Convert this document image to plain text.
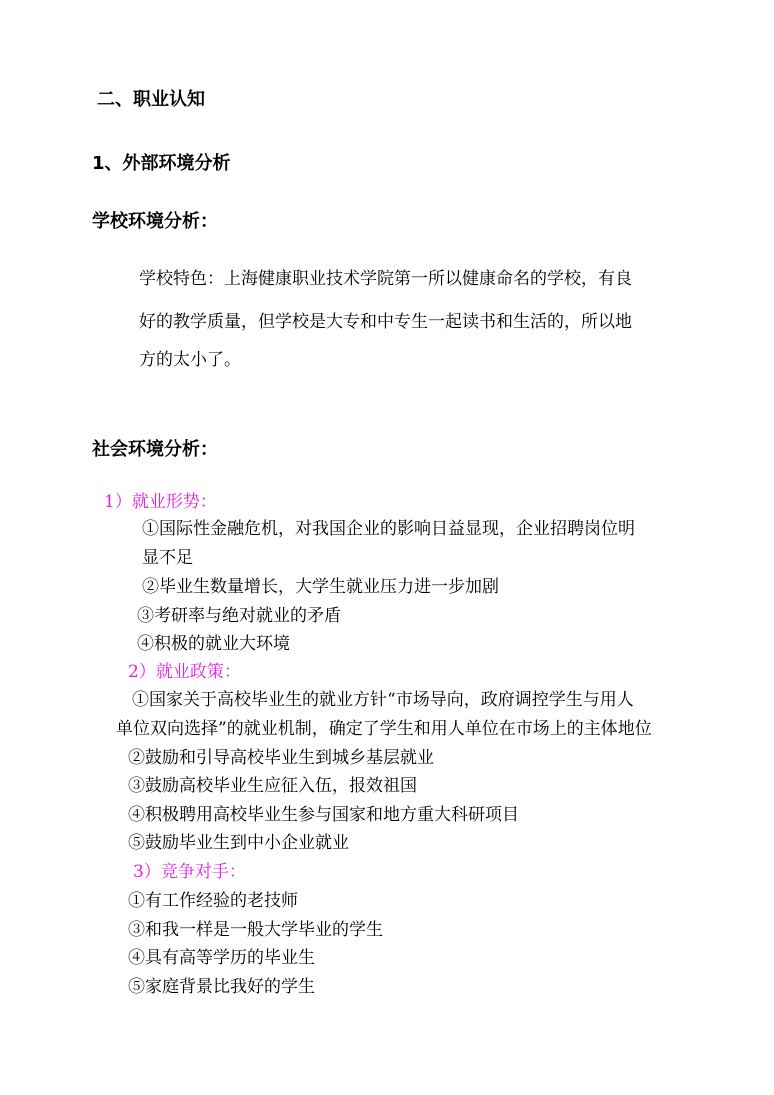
二、职业认知
1、外部环境分析
学校环境分析：
学校特色：上海健康职业技术学院第一所以健康命名的学校，有良
好的教学质量，但学校是大专和中专生一起读书和生活的，所以地
方的太小了。
社会环境分析：
1）就业形势：
①国际性金融危机，对我国企业的影响日益显现，企业招聘岗位明
显不足
②毕业生数量增长，大学生就业压力进一步加剧
③考研率与绝对就业的矛盾
④积极的就业大环境
2）就业政策：
①国家关于高校毕业生的就业方针“市场导向，政府调控学生与用人
单位双向选择”的就业机制，确定了学生和用人单位在市场上的主体地位
②鼓励和引导高校毕业生到城乡基层就业
③鼓励高校毕业生应征入伍，报效祖国
④积极聘用高校毕业生参与国家和地方重大科研项目
⑤鼓励毕业生到中小企业就业
3）竞争对手：
①有工作经验的老技师
③和我一样是一般大学毕业的学生
④具有高等学历的毕业生
⑤家庭背景比我好的学生
